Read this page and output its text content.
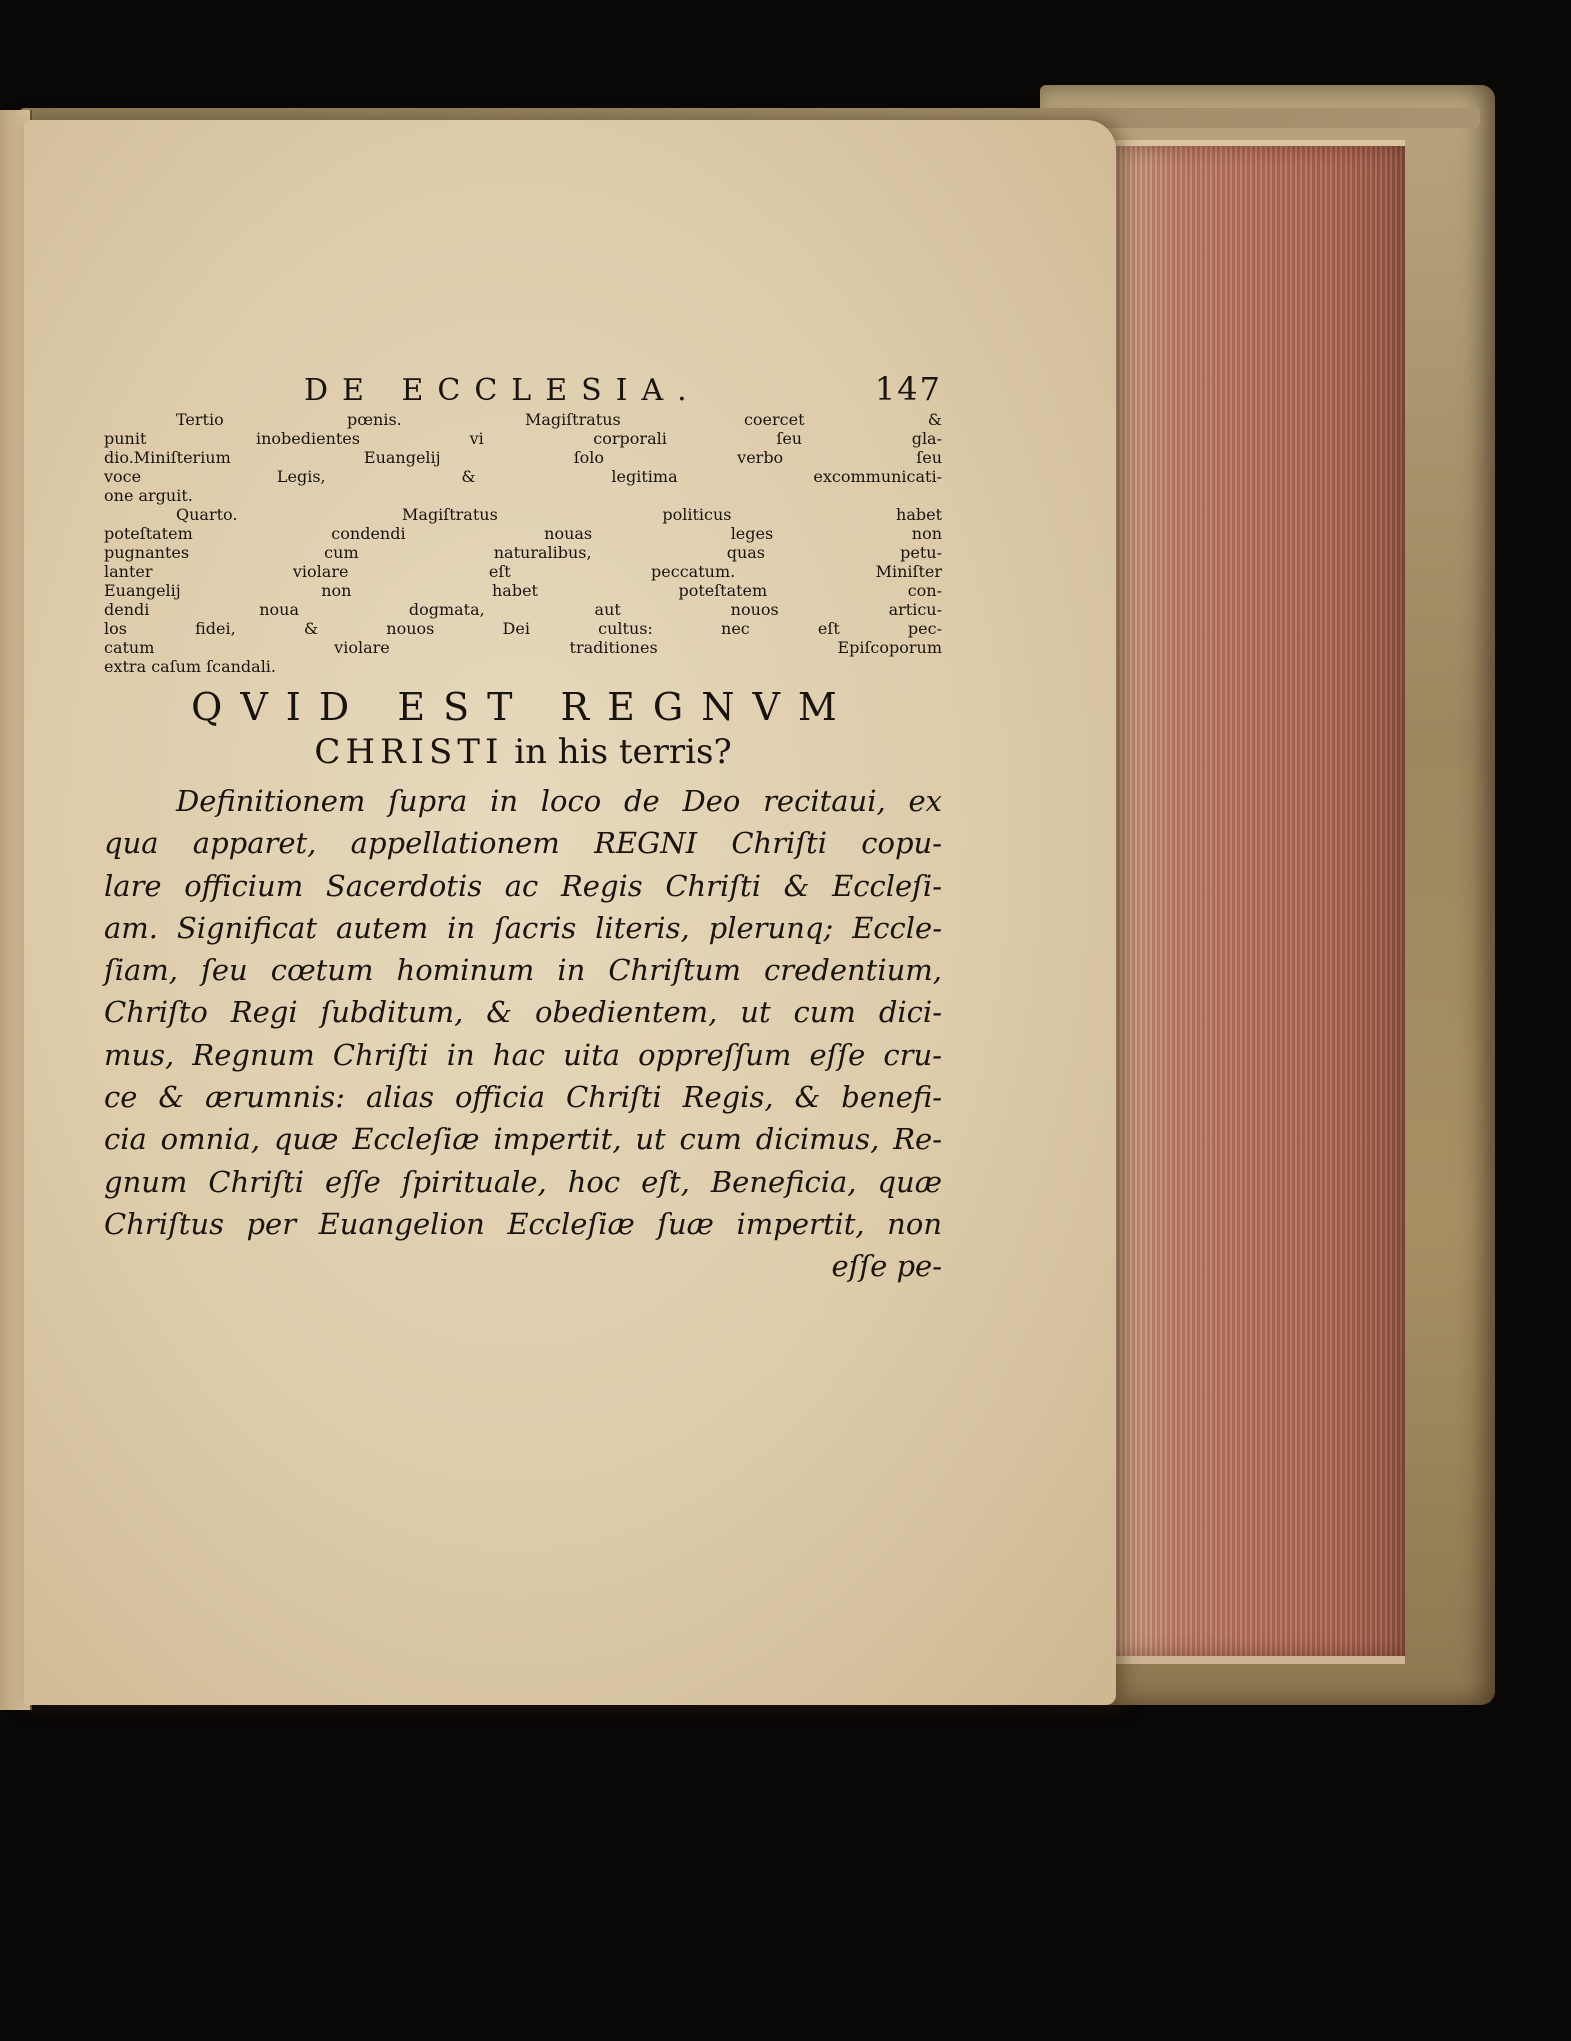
DE ECCLESIA.	147
Tertio pœnis. Magiſtratus coercet &
punit inobedientes vi corporali ſeu gla-
dio.Miniſterium Euangelij ſolo verbo ſeu
voce Legis, & legitima excommunicati-
one arguit.
Quarto. Magiſtratus politicus habet
poteſtatem condendi nouas leges non
pugnantes cum naturalibus, quas petu-
lanter violare eſt peccatum. Miniſter
Euangelij non habet poteſtatem con-
dendi noua dogmata, aut nouos articu-
los fidei, & nouos Dei cultus: nec eſt pec-
catum violare traditiones Epiſcoporum
extra caſum ſcandali.
QVID EST REGNVM
CHRISTI in his terris?
Definitionem ſupra in loco de Deo recitaui, ex
qua apparet, appellationem REGNI Chriſti copu-
lare officium Sacerdotis ac Regis Chriſti & Eccleſi-
am. Significat autem in ſacris literis, plerunq; Eccle-
ſiam, ſeu cœtum hominum in Chriſtum credentium,
Chriſto Regi ſubditum, & obedientem, ut cum dici-
mus, Regnum Chriſti in hac uita oppreſſum eſſe cru-
ce & ærumnis: alias officia Chriſti Regis, & benefi-
cia omnia, quæ Eccleſiæ impertit, ut cum dicimus, Re-
gnum Chriſti eſſe ſpirituale, hoc eſt, Beneficia, quæ
Chriſtus per Euangelion Eccleſiæ ſuæ impertit, non
eſſe pe-
